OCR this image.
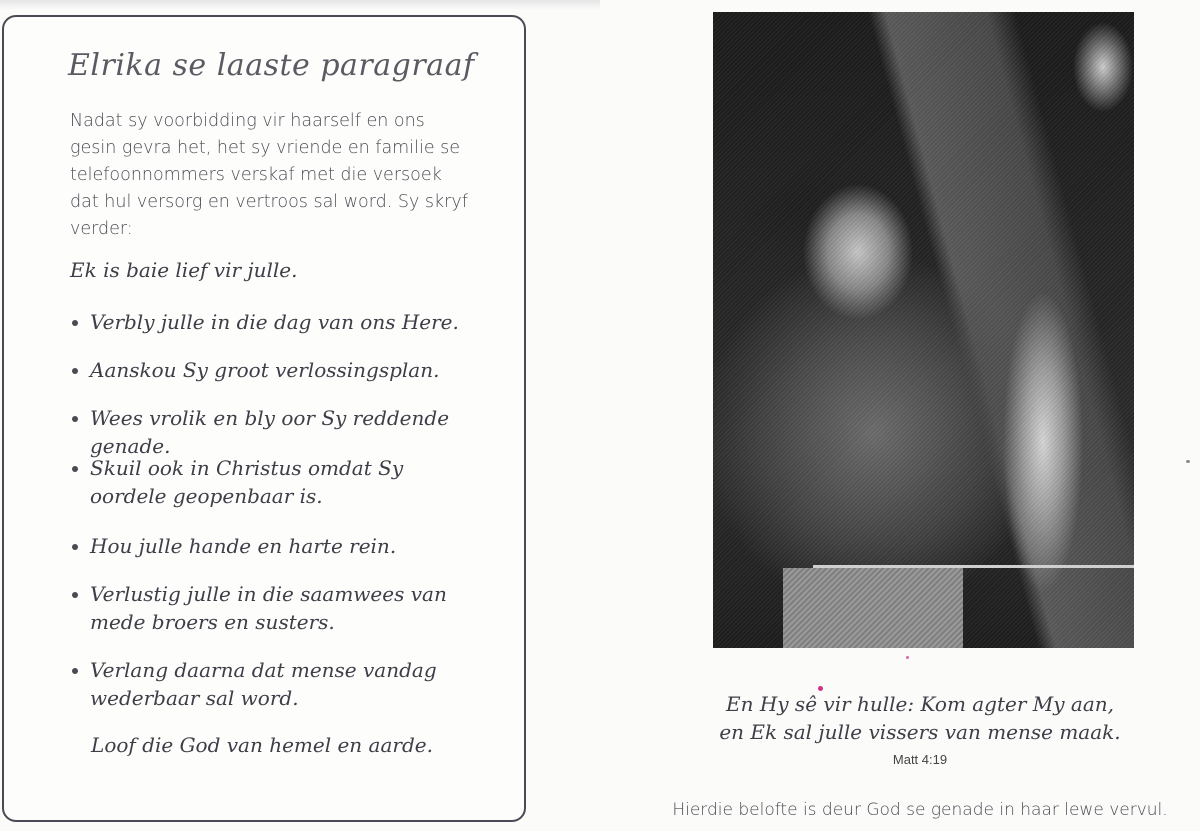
Elrika se laaste paragraaf

Nadat sy voorbidding vir haarself en ons gesin gevra het, het sy vriende en familie se telefoonnommers verskaf met die versoek dat hul versorg en vertroos sal word. Sy skryf verder:

Ek is baie lief vir julle.

Verbly julle in die dag van ons Here.
Aanskou Sy groot verlossingsplan.
Wees vrolik en bly oor Sy reddende genade.
Skuil ook in Christus omdat Sy oordele geopenbaar is.
Hou julle hande en harte rein.
Verlustig julle in die saamwees van mede broers en susters.
Verlang daarna dat mense vandag wederbaar sal word.

Loof die God van hemel en aarde.

En Hy sê vir hulle: Kom agter My aan,
en Ek sal julle vissers van mense maak.
Matt 4:19
Hierdie belofte is deur God se genade in haar lewe vervul.
